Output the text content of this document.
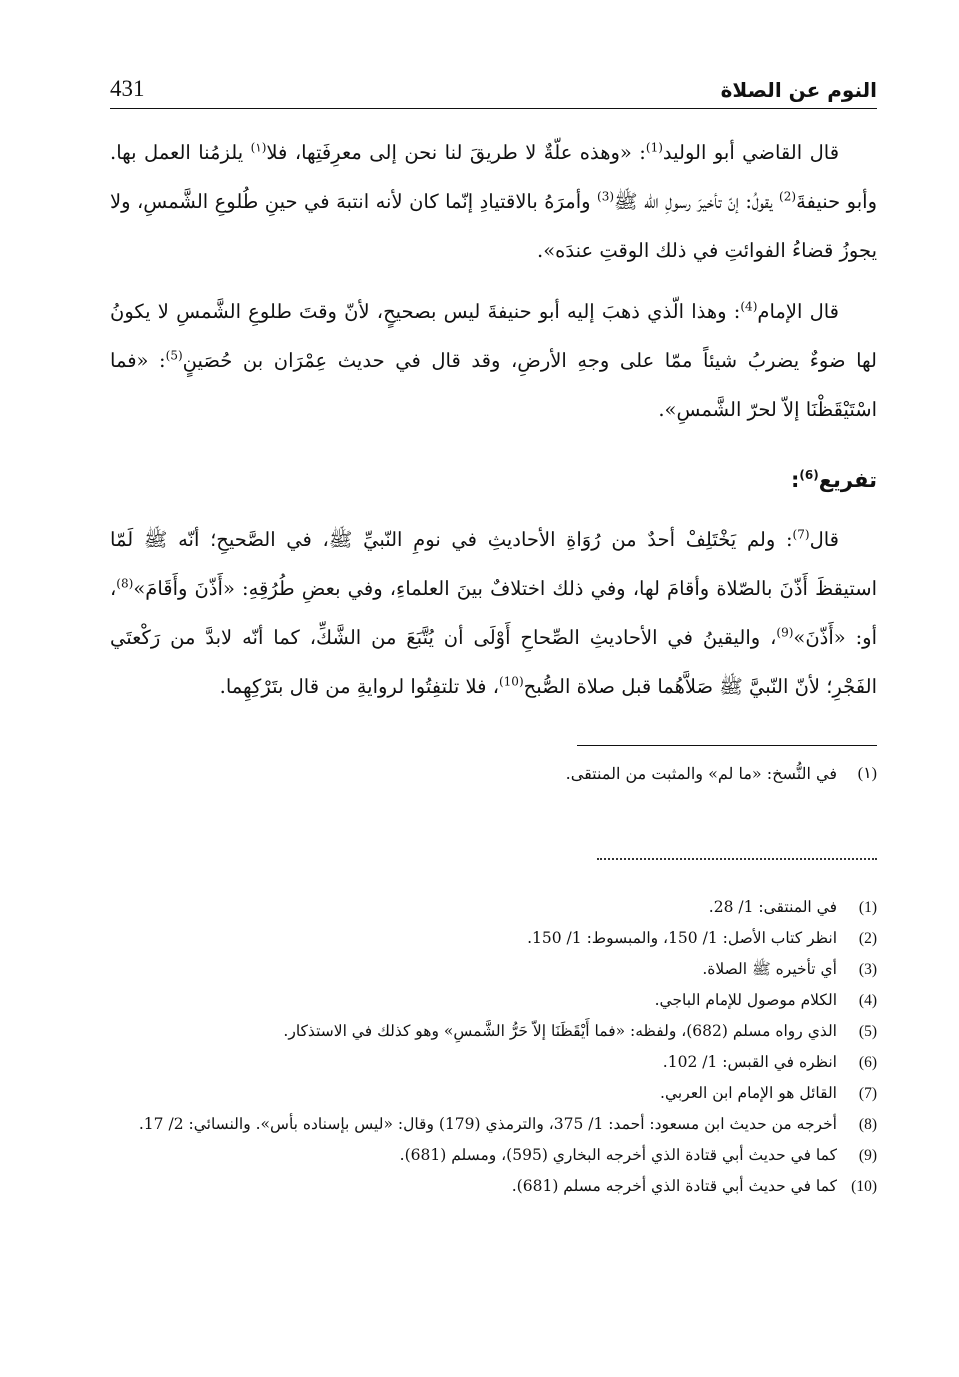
النوم عن الصلاة
431

قال القاضي أبو الوليد$^{(1)}$: «وهذه علّةٌ لا طريقَ لنا نحن إلى معرِفَتِها، فلا$^{(١)}$ يلزمُنا العمل بها. وأبو حنيفةَ$^{(2)}$ يقولُ: إنّ تأخيرَ رسولِ الله ﷺ$^{(3)}$ وأمرَهُ بالاقتيادِ إنّما كان لأنه انتبهَ في حينِ طُلوعِ الشَّمسِ، ولا يجوزُ قضاءُ الفوائتِ في ذلك الوقتِ عندَه».

قال الإمام$^{(4)}$: وهذا الّذي ذهبَ إليه أبو حنيفةَ ليس بصحيحٍ، لأنّ وقتَ طلوعِ الشَّمسِ لا يكونُ لها ضوءٌ يضربُ شيئاً ممّا على وجهِ الأرضِ، وقد قال في حديث عِمْرَان بن حُصَينٍ$^{(5)}$: «فما اسْتَيْقَظْنَا إلاّ لحرّ الشَّمسِ».

تفريع$^{(6)}$:

قال$^{(7)}$: ولم يَخْتَلِفْ أحدٌ من رُوَاةِ الأحاديثِ في نومِ النّبيِّ ﷺ، في الصَّحيحِ؛ أنّه ﷺ لَمّا استيقظَ أَذّنَ بالصّلاة وأقامَ لها، وفي ذلك اختلافٌ بينَ العلماءِ، وفي بعضِ طُرُقِهِ: «أَذّنَ وأَقَامَ»$^{(8)}$، أو: «أَذّنَ»$^{(9)}$، واليقينُ في الأحاديثِ الصِّحاحِ أَوْلَى أن يُتَّبَعَ من الشَّكِّ، كما أنّه لابدَّ من رَكْعتَي الفَجْرِ؛ لأنّ النّبيَّ ﷺ صَلاَّهُما قبل صلاة الصُّبح$^{(10)}$، فلا تلتفِتُوا لروايةِ من قال بتَرْكِهِما.

(١)
في النُّسخ: «ما لم» والمثبت من المنتقى.
(1)
في المنتقى: 1/ 28.
(2)
انظر كتاب الأصل: 1/ 150، والمبسوط: 1/ 150.
(3)
أي تأخيره ﷺ الصلاة.
(4)
الكلام موصول للإمام الباجي.
(5)
الذي رواه مسلم (682)، ولفظه: «فما أَيْقَظَنَا إلاّ حَرُّ الشَّمسِ» وهو كذلك في الاستذكار.
(6)
انظره في القبس: 1/ 102.
(7)
القائل هو الإمام ابن العربي.
(8)
أخرجه من حديث ابن مسعود: أحمد: 1/ 375، والترمذي (179) وقال: «ليس بإسناده بأس». والنسائي: 2/ 17.
(9)
كما في حديث أبي قتادة الذي أخرجه البخاري (595)، ومسلم (681).
(10)
كما في حديث أبي قتادة الذي أخرجه مسلم (681).
